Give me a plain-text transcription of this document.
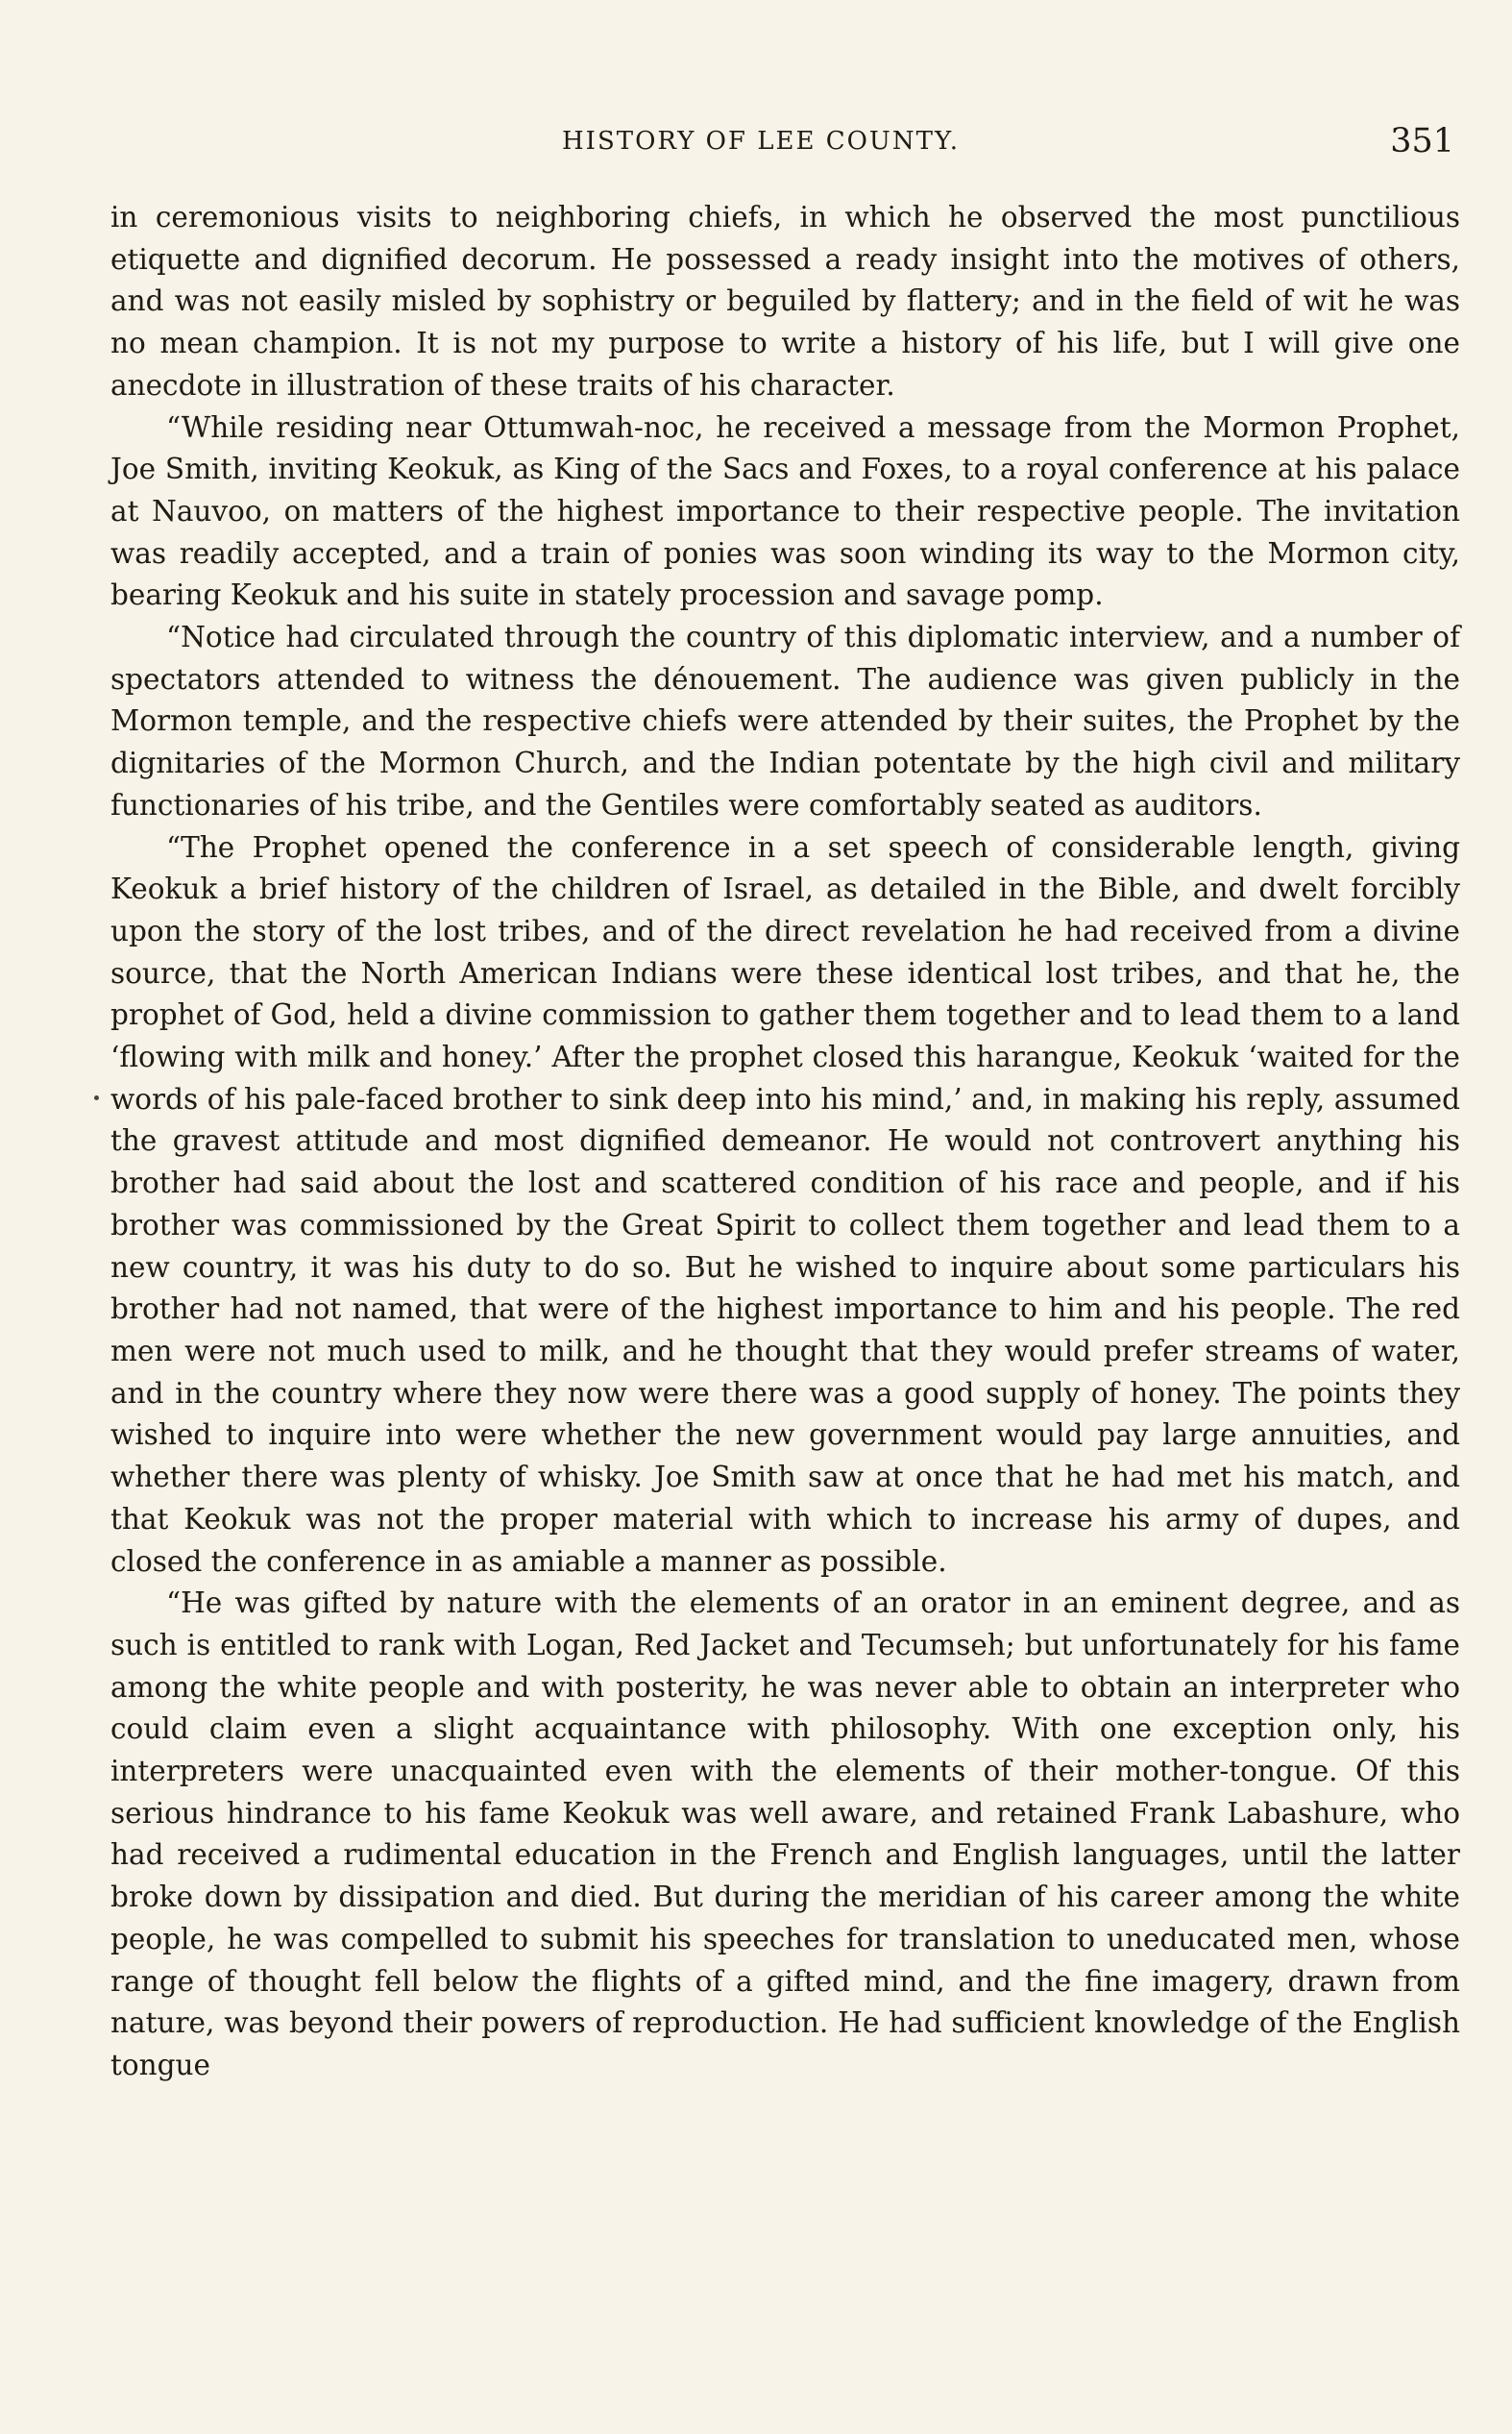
HISTORY OF LEE COUNTY.	351

in ceremonious visits to neighboring chiefs, in which he observed the most punctilious etiquette and dignified decorum. He possessed a ready insight into the motives of others, and was not easily misled by sophistry or beguiled by flattery; and in the field of wit he was no mean champion. It is not my purpose to write a history of his life, but I will give one anecdote in illustration of these traits of his character.

“While residing near Ottumwah-noc, he received a message from the Mormon Prophet, Joe Smith, inviting Keokuk, as King of the Sacs and Foxes, to a royal conference at his palace at Nauvoo, on matters of the highest importance to their respective people. The invitation was readily accepted, and a train of ponies was soon winding its way to the Mormon city, bearing Keokuk and his suite in stately procession and savage pomp.

“Notice had circulated through the country of this diplomatic interview, and a number of spectators attended to witness the dénouement. The audience was given publicly in the Mormon temple, and the respective chiefs were attended by their suites, the Prophet by the dignitaries of the Mormon Church, and the Indian potentate by the high civil and military functionaries of his tribe, and the Gentiles were comfortably seated as auditors.

“The Prophet opened the conference in a set speech of considerable length, giving Keokuk a brief history of the children of Israel, as detailed in the Bible, and dwelt forcibly upon the story of the lost tribes, and of the direct revelation he had received from a divine source, that the North American Indians were these identical lost tribes, and that he, the prophet of God, held a divine commission to gather them together and to lead them to a land ‘flowing with milk and honey.’ After the prophet closed this harangue, Keokuk ‘waited for the words of his pale-faced brother to sink deep into his mind,’ and, in making his reply, assumed the gravest attitude and most dignified demeanor. He would not controvert anything his brother had said about the lost and scattered condition of his race and people, and if his brother was commissioned by the Great Spirit to collect them together and lead them to a new country, it was his duty to do so. But he wished to inquire about some particulars his brother had not named, that were of the highest importance to him and his people. The red men were not much used to milk, and he thought that they would prefer streams of water, and in the country where they now were there was a good supply of honey. The points they wished to inquire into were whether the new government would pay large annuities, and whether there was plenty of whisky. Joe Smith saw at once that he had met his match, and that Keokuk was not the proper material with which to increase his army of dupes, and closed the conference in as amiable a manner as possible.

“He was gifted by nature with the elements of an orator in an eminent degree, and as such is entitled to rank with Logan, Red Jacket and Tecumseh; but unfortunately for his fame among the white people and with posterity, he was never able to obtain an interpreter who could claim even a slight acquaintance with philosophy. With one exception only, his interpreters were unacquainted even with the elements of their mother-tongue. Of this serious hindrance to his fame Keokuk was well aware, and retained Frank Labashure, who had received a rudimental education in the French and English languages, until the latter broke down by dissipation and died. But during the meridian of his career among the white people, he was compelled to submit his speeches for translation to uneducated men, whose range of thought fell below the flights of a gifted mind, and the fine imagery, drawn from nature, was beyond their powers of reproduction. He had sufficient knowledge of the English tongue
